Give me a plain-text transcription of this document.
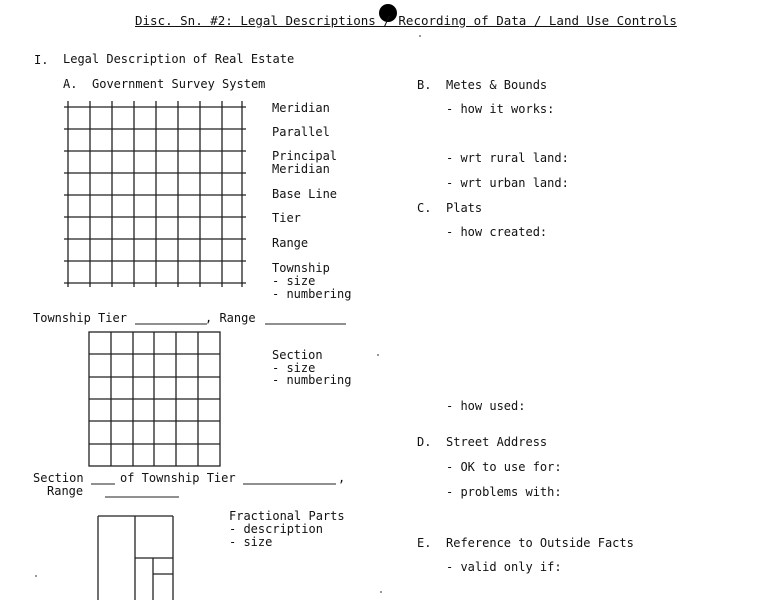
Disc. Sn. #2: Legal Descriptions / Recording of Data / Land Use Controls
I. Legal Description of Real Estate
A. Government Survey System
Meridian
Parallel
Principal
Meridian
Base Line
Tier
Range
Township
- size
- numbering
Township Tier	, Range
Section
- size
- numbering
Section	of Township Tier	,
Range
Fractional Parts
- description
- size
B. Metes & Bounds
- how it works:
- wrt rural land:
- wrt urban land:
C. Plats
- how created:
- how used:
D. Street Address
- OK to use for:
- problems with:
E. Reference to Outside Facts
- valid only if:
